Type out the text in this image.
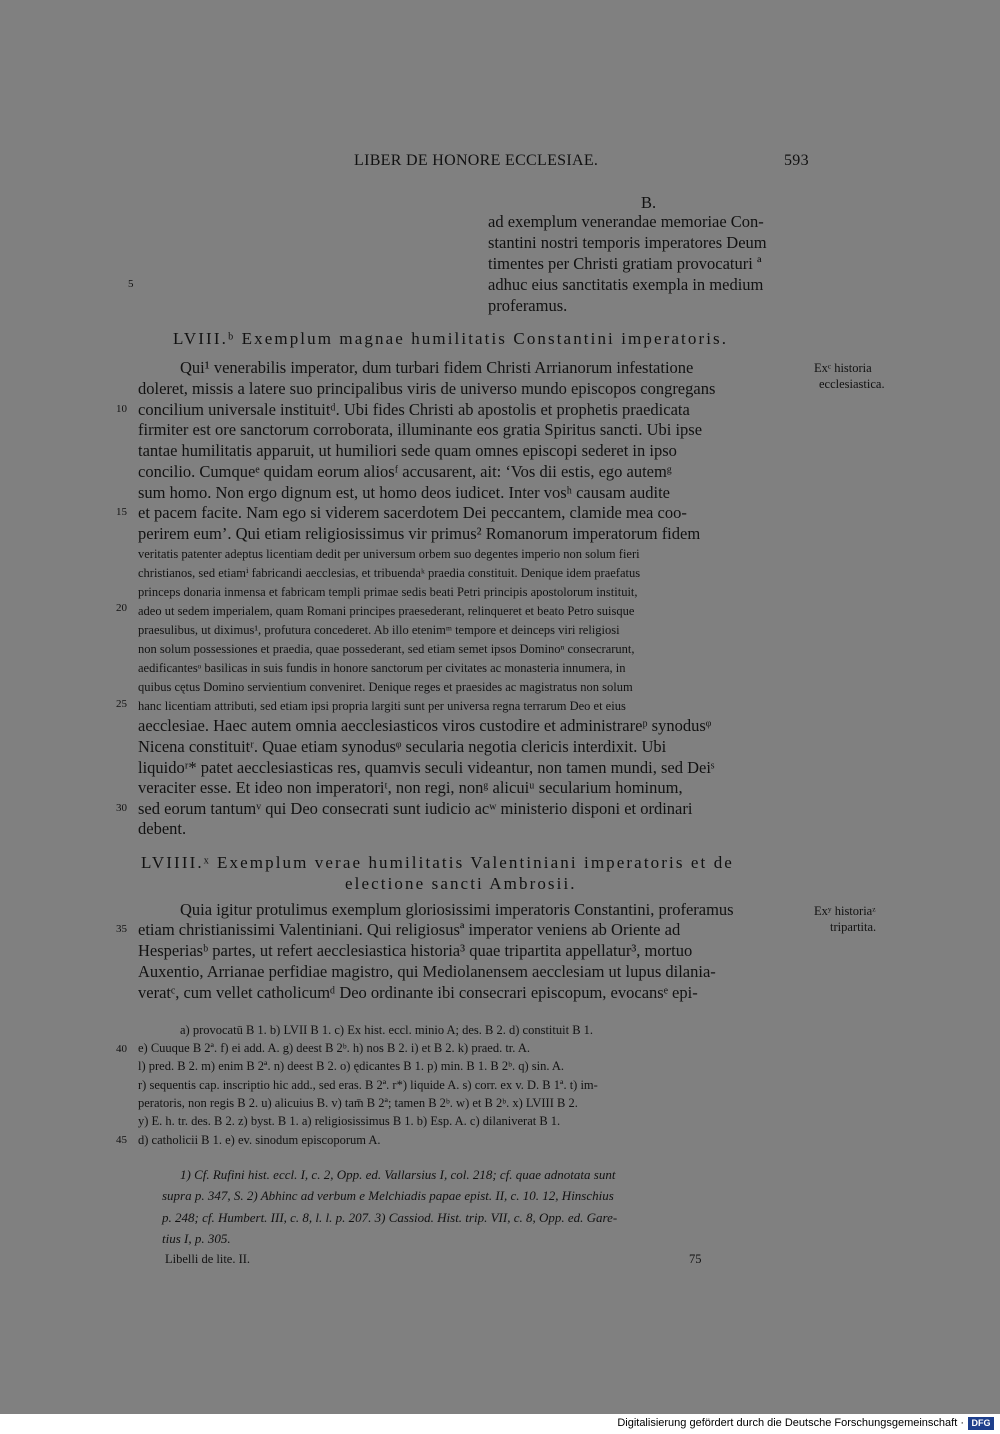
LIBER DE HONORE ECCLESIAE.	593
B.
ad exemplum venerandae memoriae Con-
stantini nostri temporis imperatores Deum
timentes per Christi gratiam provocaturi ª
adhuc eius sanctitatis exempla in medium
proferamus.
5
10
15
20
25
30
35
40
45
LVIII.ᵇ Exemplum magnae humilitatis Constantini imperatoris.
Qui¹ venerabilis imperator, dum turbari fidem Christi Arrianorum infestatione
doleret, missis a latere suo principalibus viris de universo mundo episcopos congregans
concilium universale instituitᵈ. Ubi fides Christi ab apostolis et prophetis praedicata
firmiter est ore sanctorum corroborata, illuminante eos gratia Spiritus sancti. Ubi ipse
tantae humilitatis apparuit, ut humiliori sede quam omnes episcopi sederet in ipso
concilio. Cumqueᵉ quidam eorum aliosᶠ accusarent, ait: ‘Vos dii estis, ego autemᵍ
sum homo. Non ergo dignum est, ut homo deos iudicet. Inter vosʰ causam audite
et pacem facite. Nam ego si viderem sacerdotem Dei peccantem, clamide mea coo-
perirem eum’. Qui etiam religiosissimus vir primus² Romanorum imperatorum fidem
veritatis patenter adeptus licentiam dedit per universum orbem suo degentes imperio non solum fieri
christianos, sed etiamⁱ fabricandi aecclesias, et tribuendaᵏ praedia constituit. Denique idem praefatus
princeps donaria inmensa et fabricam templi primae sedis beati Petri principis apostolorum instituit,
adeo ut sedem imperialem, quam Romani principes praesederant, relinqueret et beato Petro suisque
praesulibus, ut diximus¹, profutura concederet. Ab illo etenimᵐ tempore et deinceps viri religiosi
non solum possessiones et praedia, quae possederant, sed etiam semet ipsos Dominoⁿ consecrarunt,
aedificantesᵒ basilicas in suis fundis in honore sanctorum per civitates ac monasteria innumera, in
quibus cętus Domino servientium conveniret. Denique reges et praesides ac magistratus non solum
hanc licentiam attributi, sed etiam ipsi propria largiti sunt per universa regna terrarum Deo et eius
aecclesiae. Haec autem omnia aecclesiasticos viros custodire et administrareᵖ synodusᵠ
Nicena constituitʳ. Quae etiam synodusᵠ secularia negotia clericis interdixit. Ubi
liquidoʳ* patet aecclesiasticas res, quamvis seculi videantur, non tamen mundi, sed Deiˢ
veraciter esse. Et ideo non imperatoriᵗ, non regi, nonᵍ alicuiᵘ secularium hominum,
sed eorum tantumᵛ qui Deo consecrati sunt iudicio acʷ ministerio disponi et ordinari
debent.
Exᶜ historia
ecclesiastica.
Exʸ historiaᶻ
tripartita.
LVIIII.ˣ Exemplum verae humilitatis Valentiniani imperatoris et de
electione sancti Ambrosii.
Quia igitur protulimus exemplum gloriosissimi imperatoris Constantini, proferamus
etiam christianissimi Valentiniani. Qui religiosusª imperator veniens ab Oriente ad
Hesperiasᵇ partes, ut refert aecclesiastica historia³ quae tripartita appellatur³, mortuo
Auxentio, Arrianae perfidiae magistro, qui Mediolanensem aecclesiam ut lupus dilania-
veratᶜ, cum vellet catholicumᵈ Deo ordinante ibi consecrari episcopum, evocansᵉ epi-
a) provocatū B 1. b) LVII B 1. c) Ex hist. eccl. minio A; des. B 2. d) constituit B 1.
e) Cuuque B 2ª. f) ei add. A. g) deest B 2ᵇ. h) nos B 2. i) et B 2. k) praed. tr. A.
l) pred. B 2. m) enim B 2ª. n) deest B 2. o) ędicantes B 1. p) min. B 1. B 2ᵇ. q) sin. A.
r) sequentis cap. inscriptio hic add., sed eras. B 2ª. r*) liquide A. s) corr. ex v. D. B 1ª. t) im-
peratoris, non regis B 2. u) alicuius B. v) tam̄ B 2ª; tamen B 2ᵇ. w) et B 2ᵇ. x) LVIII B 2.
y) E. h. tr. des. B 2. z) byst. B 1. a) religiosissimus B 1. b) Esp. A. c) dilaniverat B 1.
d) catholicii B 1. e) ev. sinodum episcoporum A.
1) Cf. Rufini hist. eccl. I, c. 2, Opp. ed. Vallarsius I, col. 218; cf. quae adnotata sunt
supra p. 347, S. 2) Abhinc ad verbum e Melchiadis papae epist. II, c. 10. 12, Hinschius
p. 248; cf. Humbert. III, c. 8, l. l. p. 207. 3) Cassiod. Hist. trip. VII, c. 8, Opp. ed. Gare-
tius I, p. 305.
Libelli de lite. II.	75
Digitalisierung gefördert durch die Deutsche Forschungsgemeinschaft · DFG
